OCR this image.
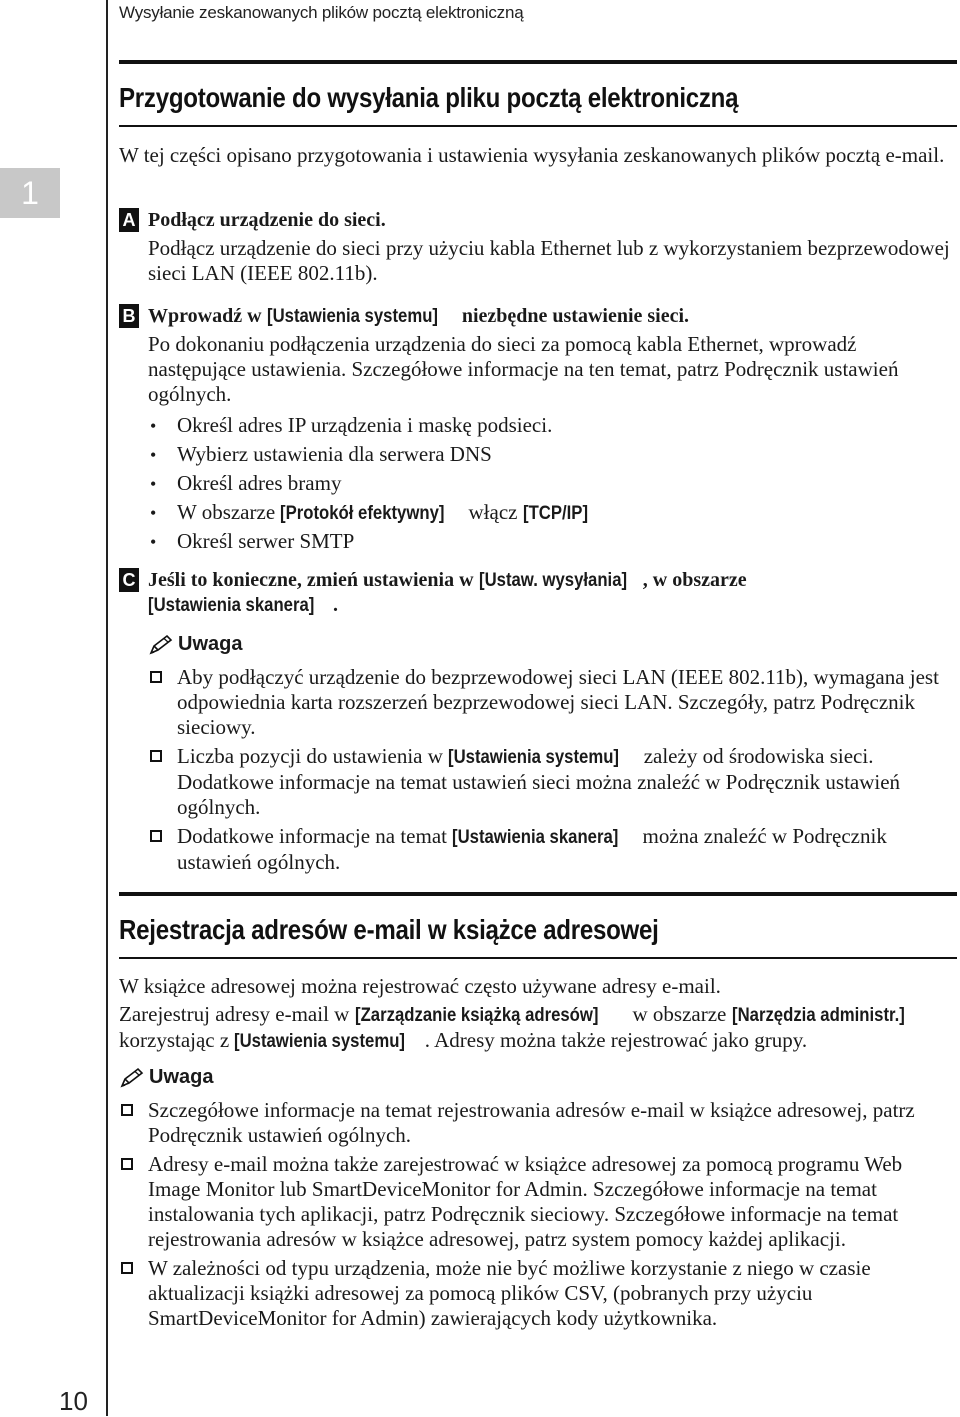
Wysyłanie zeskanowanych plików pocztą elektroniczną
1
10
Przygotowanie do wysyłania pliku pocztą elektroniczną

W tej części opisano przygotowania i ustawienia wysyłania zeskanowanych plików pocztą e-mail.

A Podłącz urządzenie do sieci.
Podłącz urządzenie do sieci przy użyciu kabla Ethernet lub z wykorzystaniem bezprzewodowej sieci LAN (IEEE 802.11b).
B Wprowadź w [Ustawienia systemu] niezbędne ustawienie sieci.
Po dokonaniu podłączenia urządzenia do sieci za pomocą kabla Ethernet, wprowadź następujące ustawienia. Szczegółowe informacje na ten temat, patrz Podręcznik ustawień ogólnych.
• Określ adres IP urządzenia i maskę podsieci.
• Wybierz ustawienia dla serwera DNS
• Określ adres bramy
• W obszarze [Protokół efektywny] włącz [TCP/IP]
• Określ serwer SMTP
C Jeśli to konieczne, zmień ustawienia w [Ustaw. wysyłania] , w obszarze
[Ustawienia skanera] .
Uwaga
Aby podłączyć urządzenie do bezprzewodowej sieci LAN (IEEE 802.11b), wymagana jest odpowiednia karta rozszerzeń bezprzewodowej sieci LAN. Szczegóły, patrz Podręcznik sieciowy.
Liczba pozycji do ustawienia w [Ustawienia systemu] zależy od środowiska sieci. Dodatkowe informacje na temat ustawień sieci można znaleźć w Podręcznik ustawień ogólnych.
Dodatkowe informacje na temat [Ustawienia skanera] można znaleźć w Podręcznik ustawień ogólnych.
Rejestracja adresów e-mail w książce adresowej

W książce adresowej można rejestrować często używane adresy e-mail.

Zarejestruj adresy e-mail w [Zarządzanie książką adresów] w obszarze [Narzędzia administr.] korzystając z [Ustawienia systemu] . Adresy można także rejestrować jako grupy.

Uwaga
Szczegółowe informacje na temat rejestrowania adresów e-mail w książce adresowej, patrz Podręcznik ustawień ogólnych.
Adresy e-mail można także zarejestrować w książce adresowej za pomocą programu Web Image Monitor lub SmartDeviceMonitor for Admin. Szczegółowe informacje na temat instalowania tych aplikacji, patrz Podręcznik sieciowy. Szczegółowe informacje na temat rejestrowania adresów w książce adresowej, patrz system pomocy każdej aplikacji.
W zależności od typu urządzenia, może nie być możliwe korzystanie z niego w czasie aktualizacji książki adresowej za pomocą plików CSV, (pobranych przy użyciu SmartDeviceMonitor for Admin) zawierających kody użytkownika.
